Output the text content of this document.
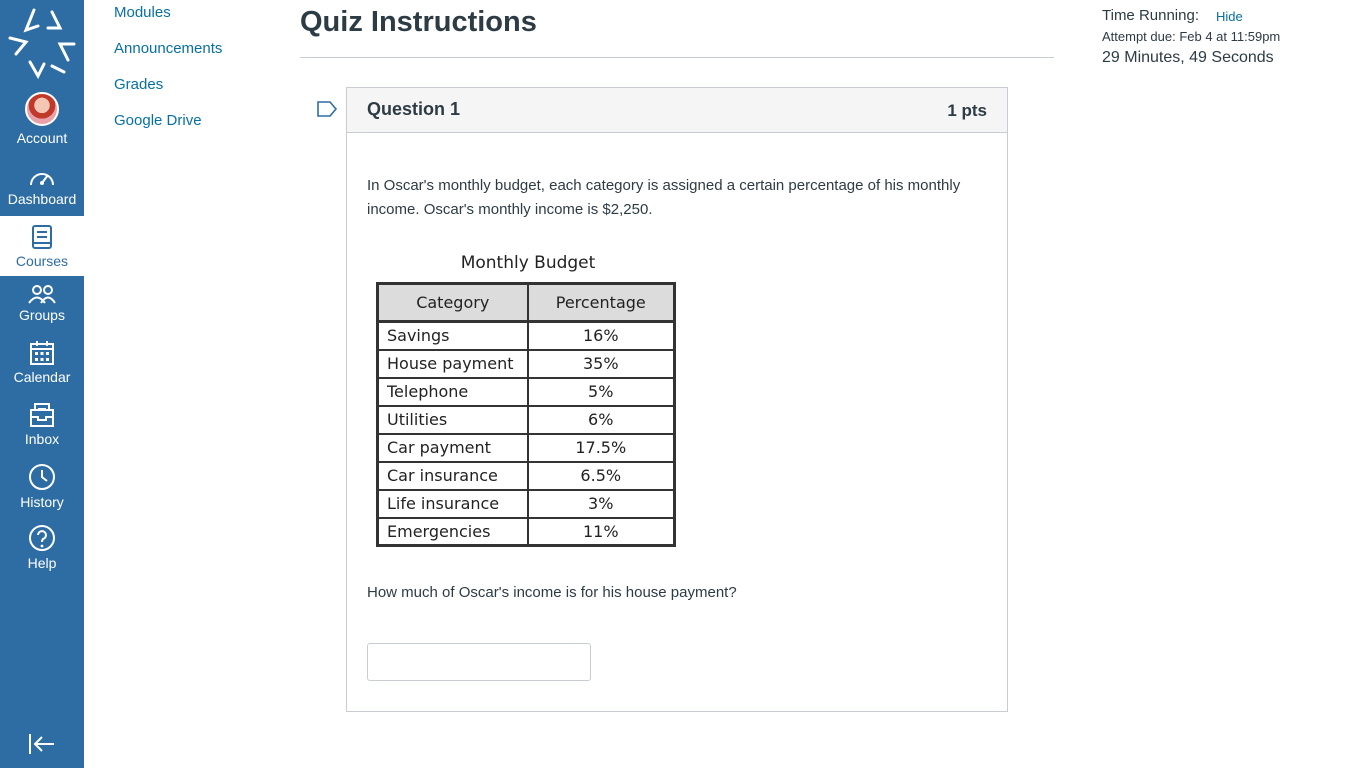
Account
Dashboard
Courses
Groups
Calendar
Inbox
History
Help
Modules
Announcements
Grades
Google Drive
Quiz Instructions
Question 1	1 pts

In Oscar's monthly budget, each category is assigned a certain percentage of his monthly income. Oscar's monthly income is $2,250.

Monthly Budget
Category	Percentage
Savings	16%
House payment	35%
Telephone	5%
Utilities	6%
Car payment	17.5%
Car insurance	6.5%
Life insurance	3%
Emergencies	11%

How much of Oscar's income is for his house payment?

Time Running: Hide
Attempt due: Feb 4 at 11:59pm
29 Minutes, 49 Seconds
